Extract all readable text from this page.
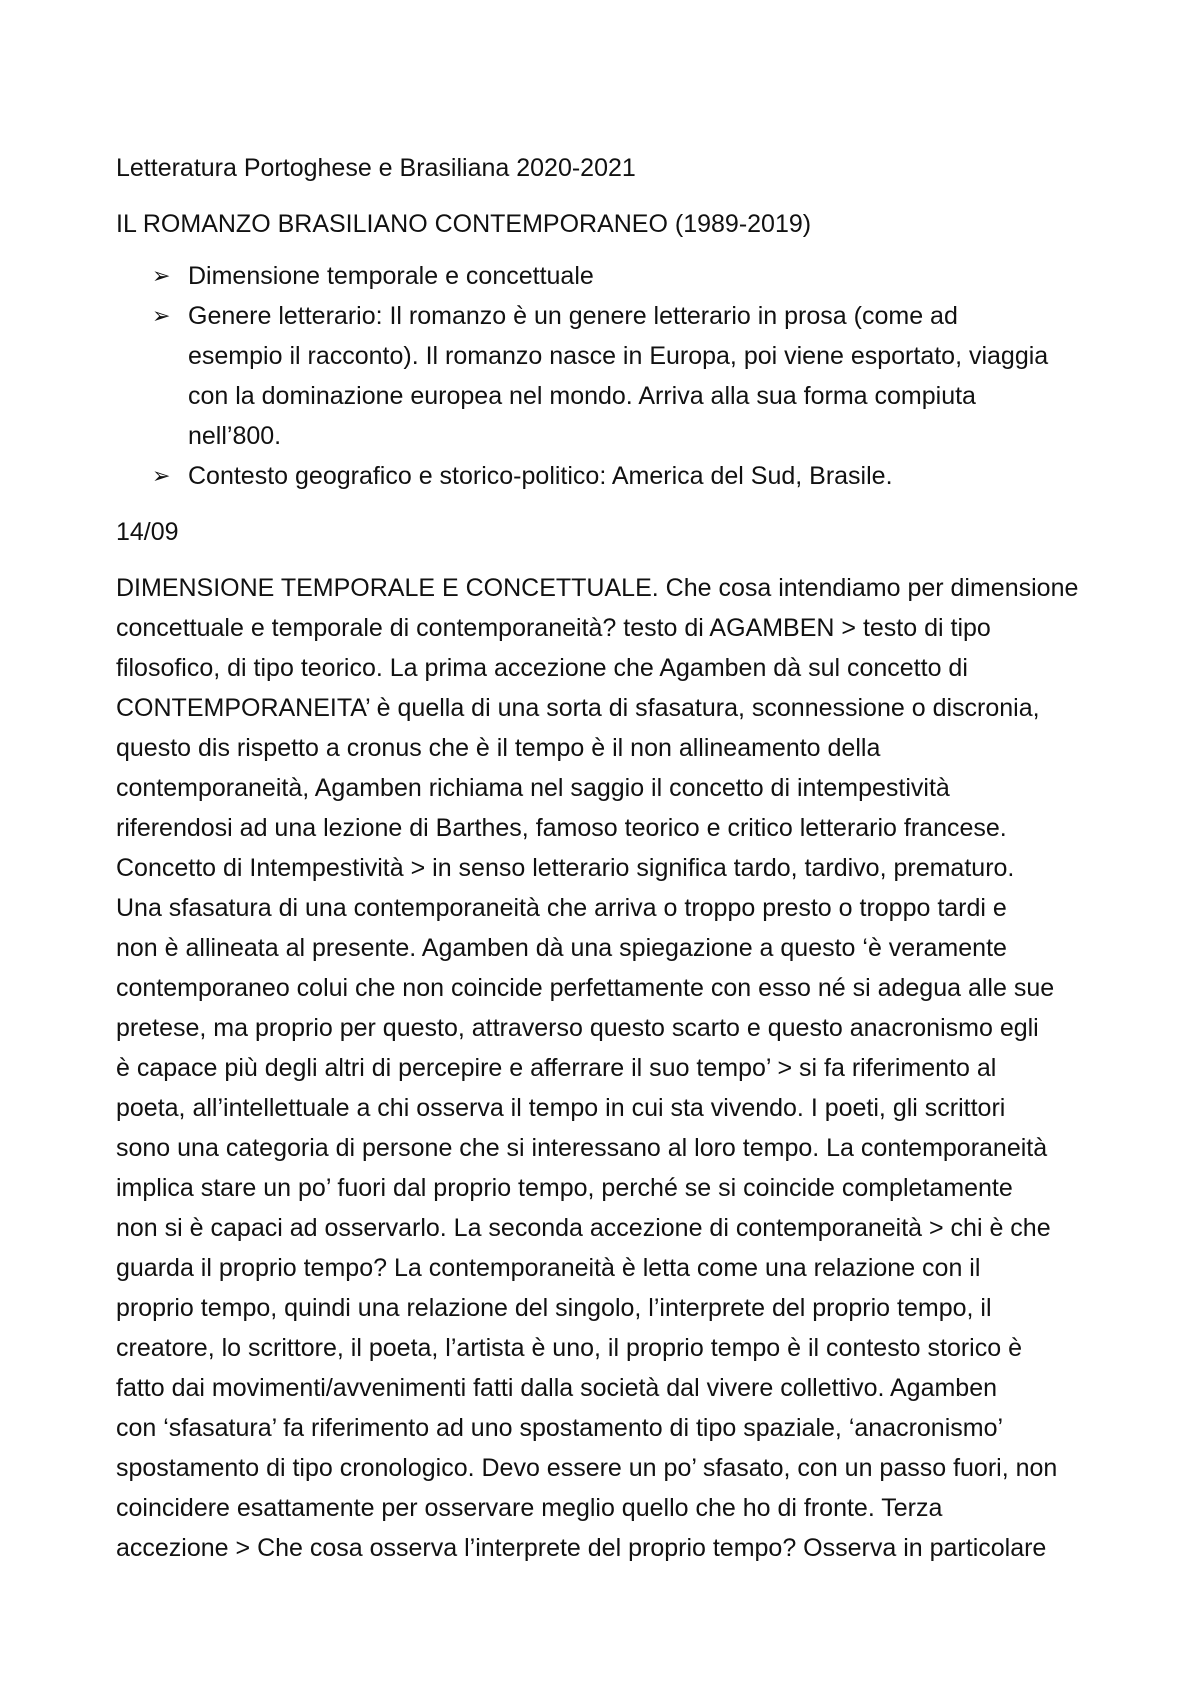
Letteratura Portoghese e Brasiliana 2020-2021

IL ROMANZO BRASILIANO CONTEMPORANEO (1989-2019)

➢ Dimensione temporale e concettuale
➢ Genere letterario: Il romanzo è un genere letterario in prosa (come ad
esempio il racconto). Il romanzo nasce in Europa, poi viene esportato, viaggia
con la dominazione europea nel mondo. Arriva alla sua forma compiuta
nell’800.
➢ Contesto geografico e storico-politico: America del Sud, Brasile.

14/09

DIMENSIONE TEMPORALE E CONCETTUALE. Che cosa intendiamo per dimensione
concettuale e temporale di contemporaneità? testo di AGAMBEN > testo di tipo
filosofico, di tipo teorico. La prima accezione che Agamben dà sul concetto di
CONTEMPORANEITA’ è quella di una sorta di sfasatura, sconnessione o discronia,
questo dis rispetto a cronus che è il tempo è il non allineamento della
contemporaneità, Agamben richiama nel saggio il concetto di intempestività
riferendosi ad una lezione di Barthes, famoso teorico e critico letterario francese.
Concetto di Intempestività > in senso letterario significa tardo, tardivo, prematuro.
Una sfasatura di una contemporaneità che arriva o troppo presto o troppo tardi e
non è allineata al presente. Agamben dà una spiegazione a questo ‘è veramente
contemporaneo colui che non coincide perfettamente con esso né si adegua alle sue
pretese, ma proprio per questo, attraverso questo scarto e questo anacronismo egli
è capace più degli altri di percepire e afferrare il suo tempo’ > si fa riferimento al
poeta, all’intellettuale a chi osserva il tempo in cui sta vivendo. I poeti, gli scrittori
sono una categoria di persone che si interessano al loro tempo. La contemporaneità
implica stare un po’ fuori dal proprio tempo, perché se si coincide completamente
non si è capaci ad osservarlo. La seconda accezione di contemporaneità > chi è che
guarda il proprio tempo? La contemporaneità è letta come una relazione con il
proprio tempo, quindi una relazione del singolo, l’interprete del proprio tempo, il
creatore, lo scrittore, il poeta, l’artista è uno, il proprio tempo è il contesto storico è
fatto dai movimenti/avvenimenti fatti dalla società dal vivere collettivo. Agamben
con ‘sfasatura’ fa riferimento ad uno spostamento di tipo spaziale, ‘anacronismo’
spostamento di tipo cronologico. Devo essere un po’ sfasato, con un passo fuori, non
coincidere esattamente per osservare meglio quello che ho di fronte. Terza
accezione > Che cosa osserva l’interprete del proprio tempo? Osserva in particolare
